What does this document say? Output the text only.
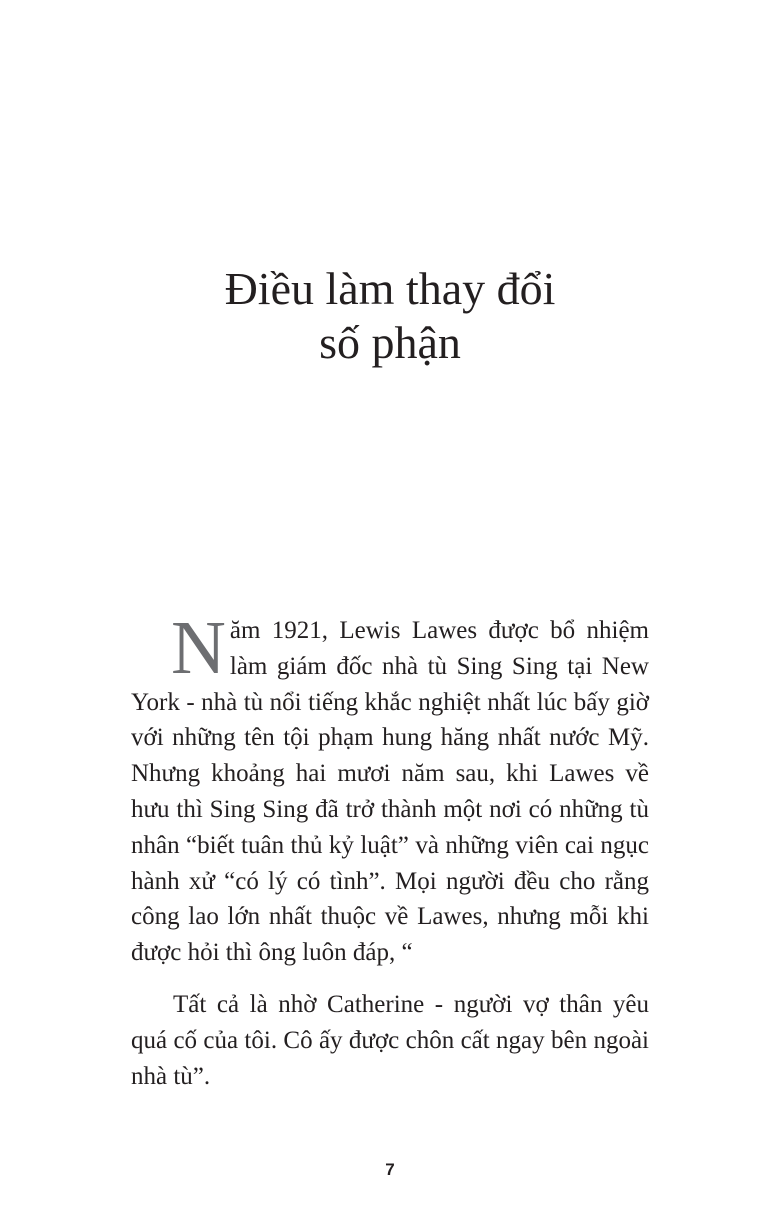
Điều làm thay đổi
số phận

Năm 1921, Lewis Lawes được bổ nhiệm làm giám đốc nhà tù Sing Sing tại New York - nhà tù nổi tiếng khắc nghiệt nhất lúc bấy giờ với những tên tội phạm hung hăng nhất nước Mỹ. Nhưng khoảng hai mươi năm sau, khi Lawes về hưu thì Sing Sing đã trở thành một nơi có những tù nhân “biết tuân thủ kỷ luật” và những viên cai ngục hành xử “có lý có tình”. Mọi người đều cho rằng công lao lớn nhất thuộc về Lawes, nhưng mỗi khi được hỏi thì ông luôn đáp, “

Tất cả là nhờ Catherine - người vợ thân yêu quá cố của tôi. Cô ấy được chôn cất ngay bên ngoài nhà tù”.

7
